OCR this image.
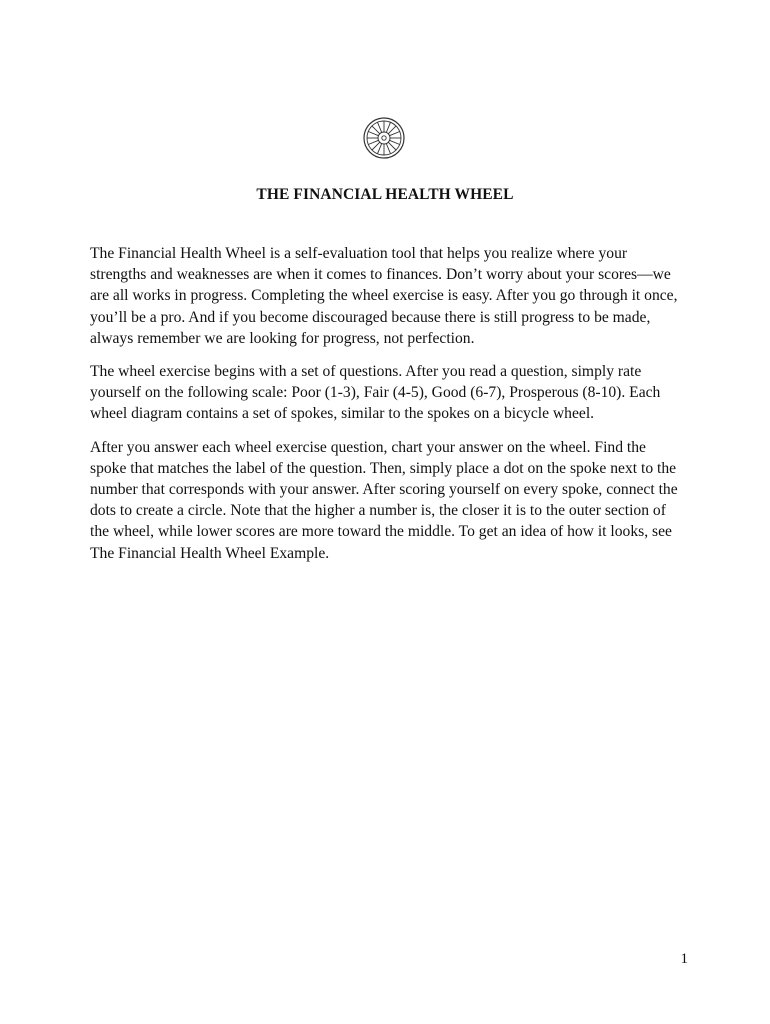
THE FINANCIAL HEALTH WHEEL

The Financial Health Wheel is a self-evaluation tool that helps you realize where your strengths and weaknesses are when it comes to finances. Don’t worry about your scores—we are all works in progress. Completing the wheel exercise is easy. After you go through it once, you’ll be a pro. And if you become discouraged because there is still progress to be made, always remember we are looking for progress, not perfection.

The wheel exercise begins with a set of questions. After you read a question, simply rate yourself on the following scale: Poor (1-3), Fair (4-5), Good (6-7), Prosperous (8-10). Each wheel diagram contains a set of spokes, similar to the spokes on a bicycle wheel.

After you answer each wheel exercise question, chart your answer on the wheel. Find the spoke that matches the label of the question. Then, simply place a dot on the spoke next to the number that corresponds with your answer. After scoring yourself on every spoke, connect the dots to create a circle. Note that the higher a number is, the closer it is to the outer section of the wheel, while lower scores are more toward the middle. To get an idea of how it looks, see The Financial Health Wheel Example.

1
